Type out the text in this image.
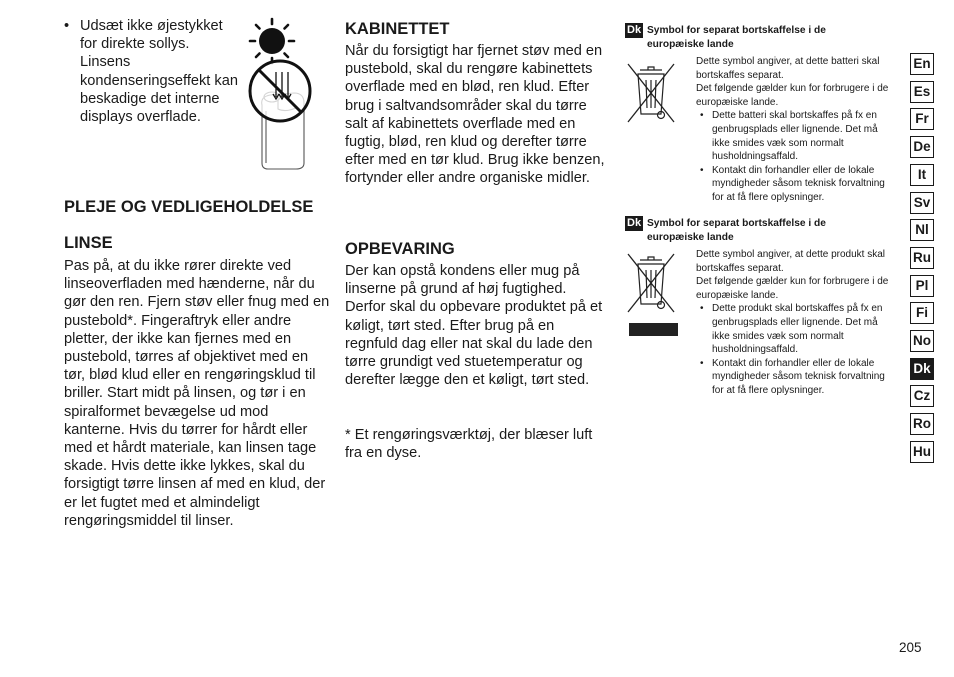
• Udsæt ikke øjestykket for direkte sollys. Linsens kondenseringseffekt kan beskadige det interne displays overflade.
PLEJE OG VEDLIGEHOLDELSE
LINSE
Pas på, at du ikke rører direkte ved linseoverfladen med hænderne, når du gør den ren. Fjern støv eller fnug med en pustebold*. Fingeraftryk eller andre pletter, der ikke kan fjernes med en pustebold, tørres af objektivet med en tør, blød klud eller en rengøringsklud til briller. Start midt på linsen, og tør i en spiralformet bevægelse ud mod kanterne. Hvis du tørrer for hårdt eller med et hårdt materiale, kan linsen tage skade. Hvis dette ikke lykkes, skal du forsigtigt tørre linsen af med en klud, der er let fugtet med et almindeligt rengøringsmiddel til linser.
KABINETTET
Når du forsigtigt har fjernet støv med en pustebold, skal du rengøre kabinettets overflade med en blød, ren klud. Efter brug i saltvandsområder skal du tørre salt af kabinettets overflade med en fugtig, blød, ren klud og derefter tørre efter med en tør klud. Brug ikke benzen, fortynder eller andre organiske midler.
OPBEVARING
Der kan opstå kondens eller mug på linserne på grund af høj fugtighed. Derfor skal du opbevare produktet på et køligt, tørt sted. Efter brug på en regnfuld dag eller nat skal du lade den tørre grundigt ved stuetemperatur og derefter lægge den et køligt, tørt sted.
* Et rengøringsværktøj, der blæser luft fra en dyse.
Dk Symbol for separat bortskaffelse i de
europæiske lande
Dette symbol angiver, at dette batteri skal bortskaffes separat.
Det følgende gælder kun for forbrugere i de europæiske lande.
• Dette batteri skal bortskaffes på fx en genbrugsplads eller lignende. Det må ikke smides væk som normalt husholdningsaffald.
• Kontakt din forhandler eller de lokale myndigheder såsom teknisk forvaltning for at få flere oplysninger.
Dk Symbol for separat bortskaffelse i de
europæiske lande
Dette symbol angiver, at dette produkt skal bortskaffes separat.
Det følgende gælder kun for forbrugere i de europæiske lande.
• Dette produkt skal bortskaffes på fx en genbrugsplads eller lignende. Det må ikke smides væk som normalt husholdningsaffald.
• Kontakt din forhandler eller de lokale myndigheder såsom teknisk forvaltning for at få flere oplysninger.
En
Es
Fr
De
It
Sv
Nl
Ru
Pl
Fi
No
Dk
Cz
Ro
Hu
205
